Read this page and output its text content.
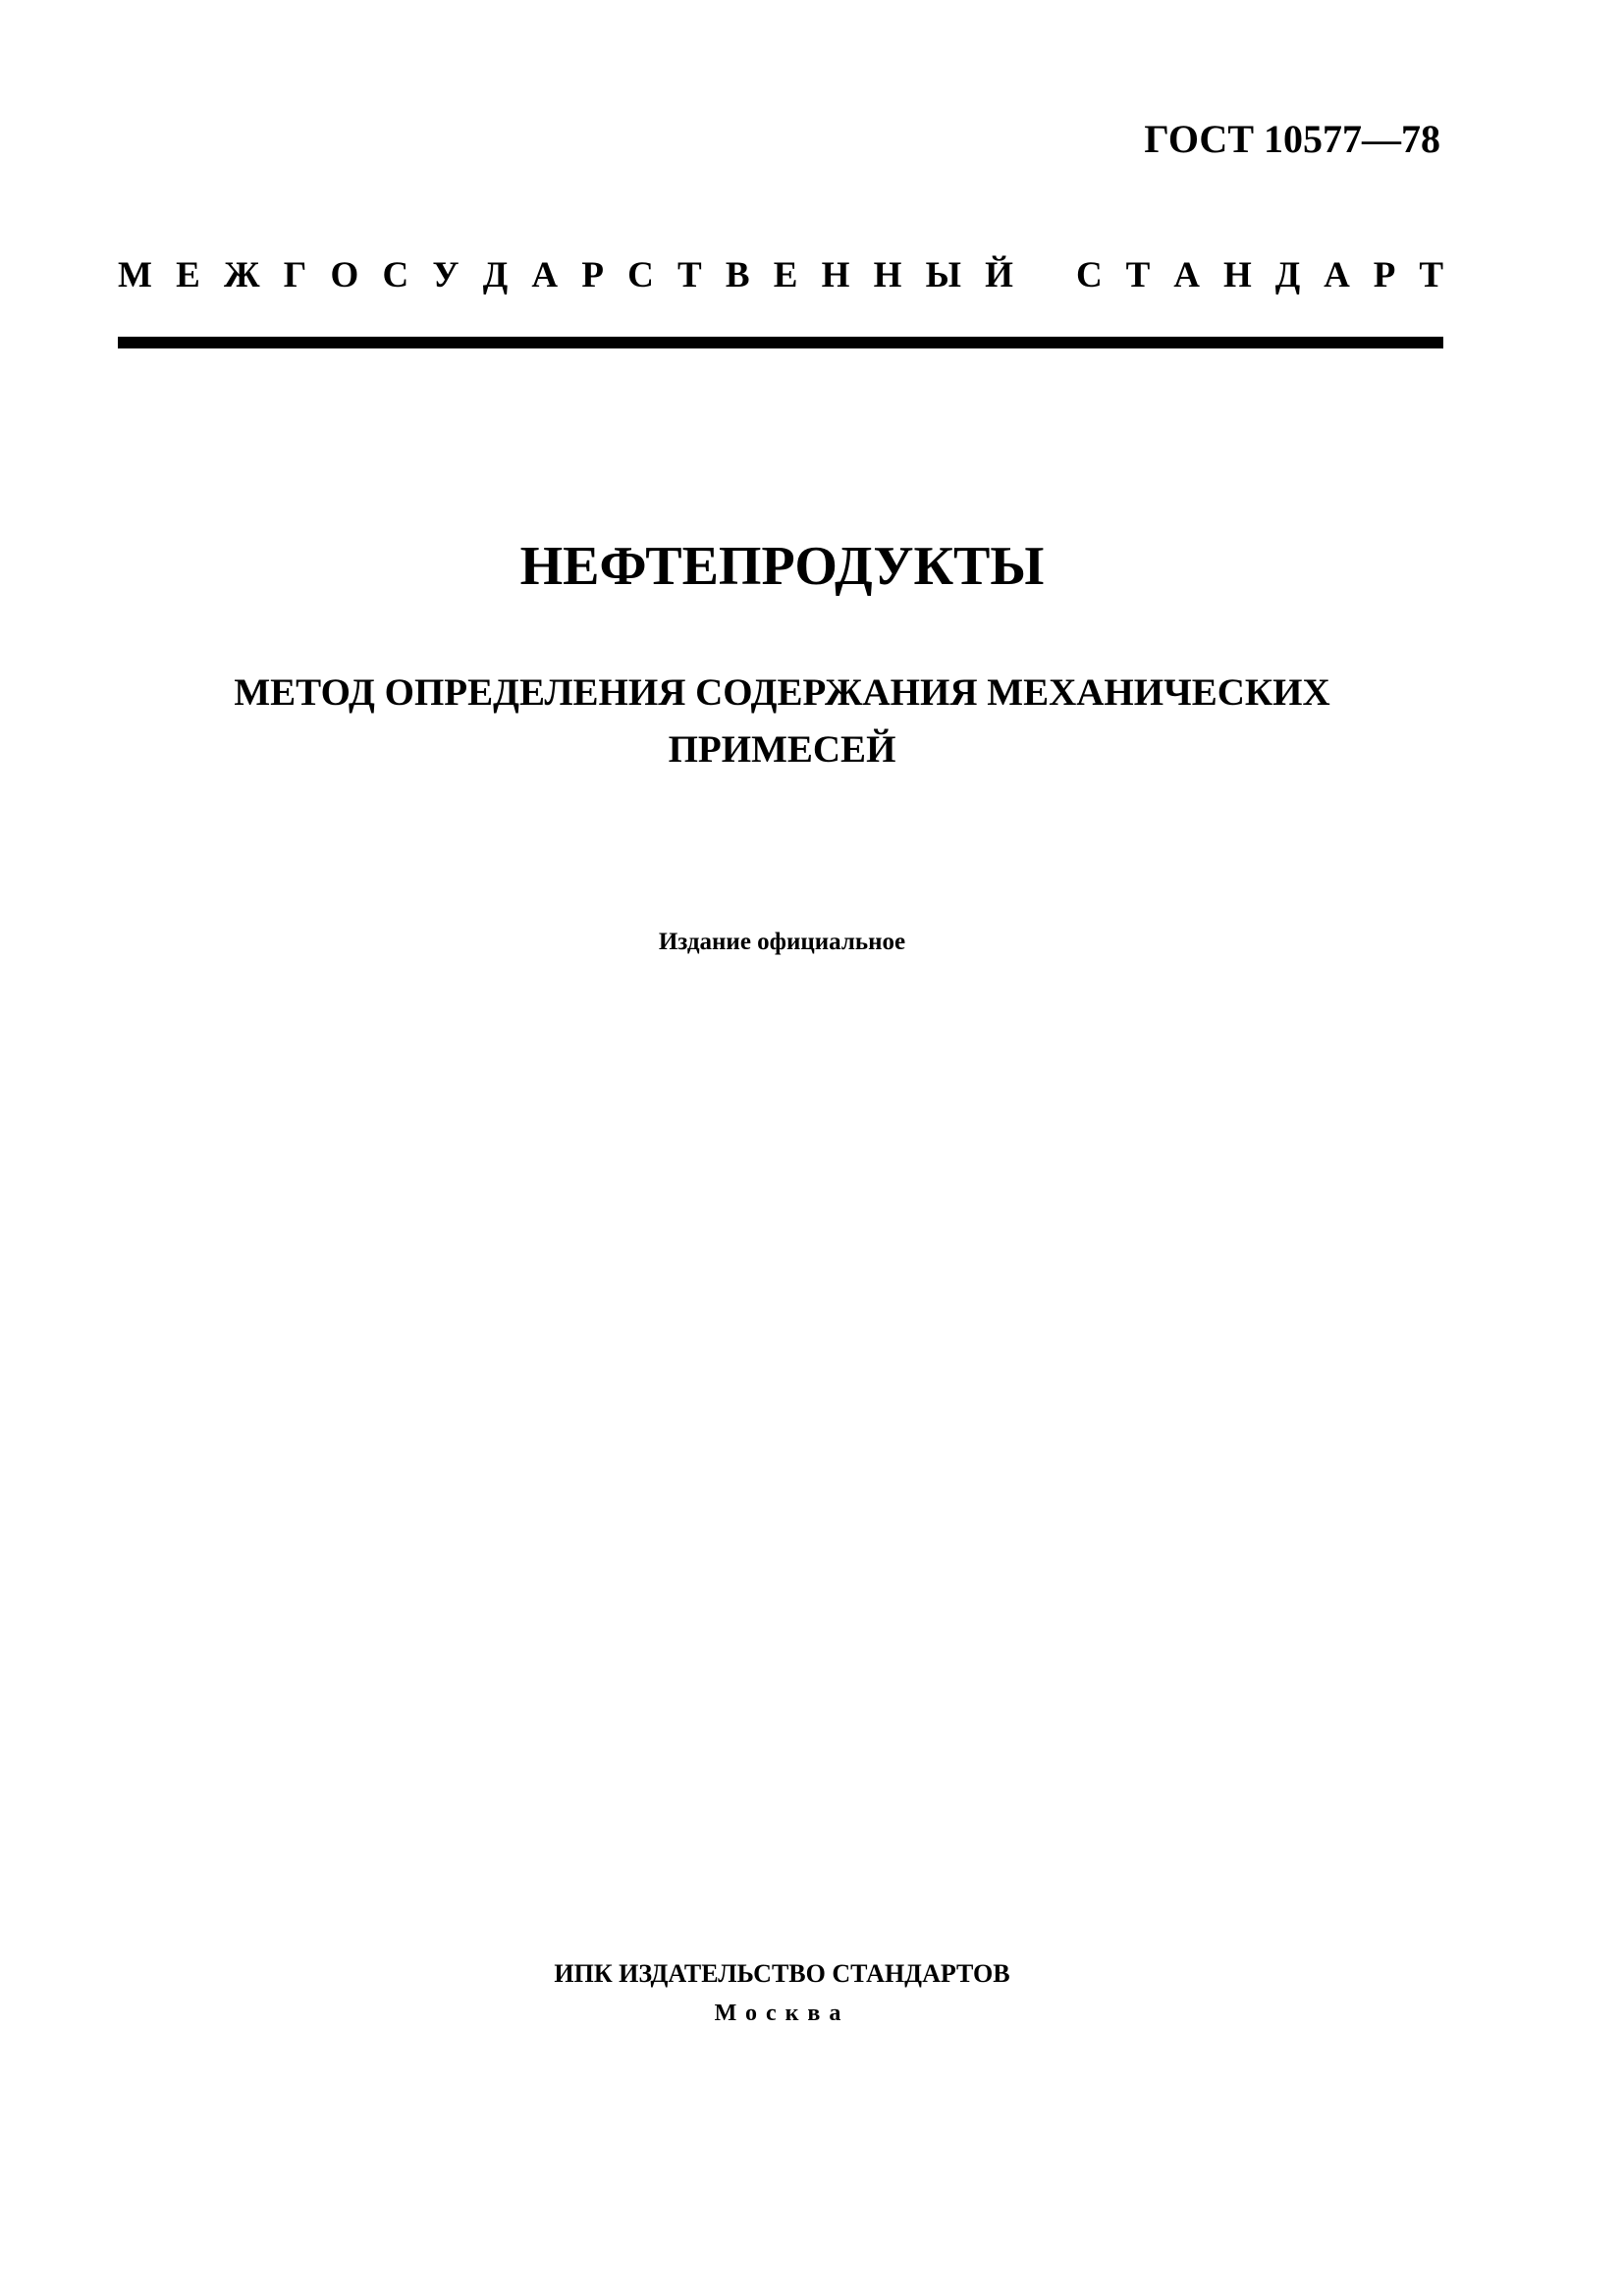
ГОСТ 10577—78
М Е Ж Г О С У Д А Р С Т В Е Н Н Ы Й С Т А Н Д А Р Т
НЕФТЕПРОДУКТЫ
МЕТОД ОПРЕДЕЛЕНИЯ СОДЕРЖАНИЯ МЕХАНИЧЕСКИХ
ПРИМЕСЕЙ
Издание официальное
ИПК ИЗДАТЕЛЬСТВО СТАНДАРТОВ
Москва
